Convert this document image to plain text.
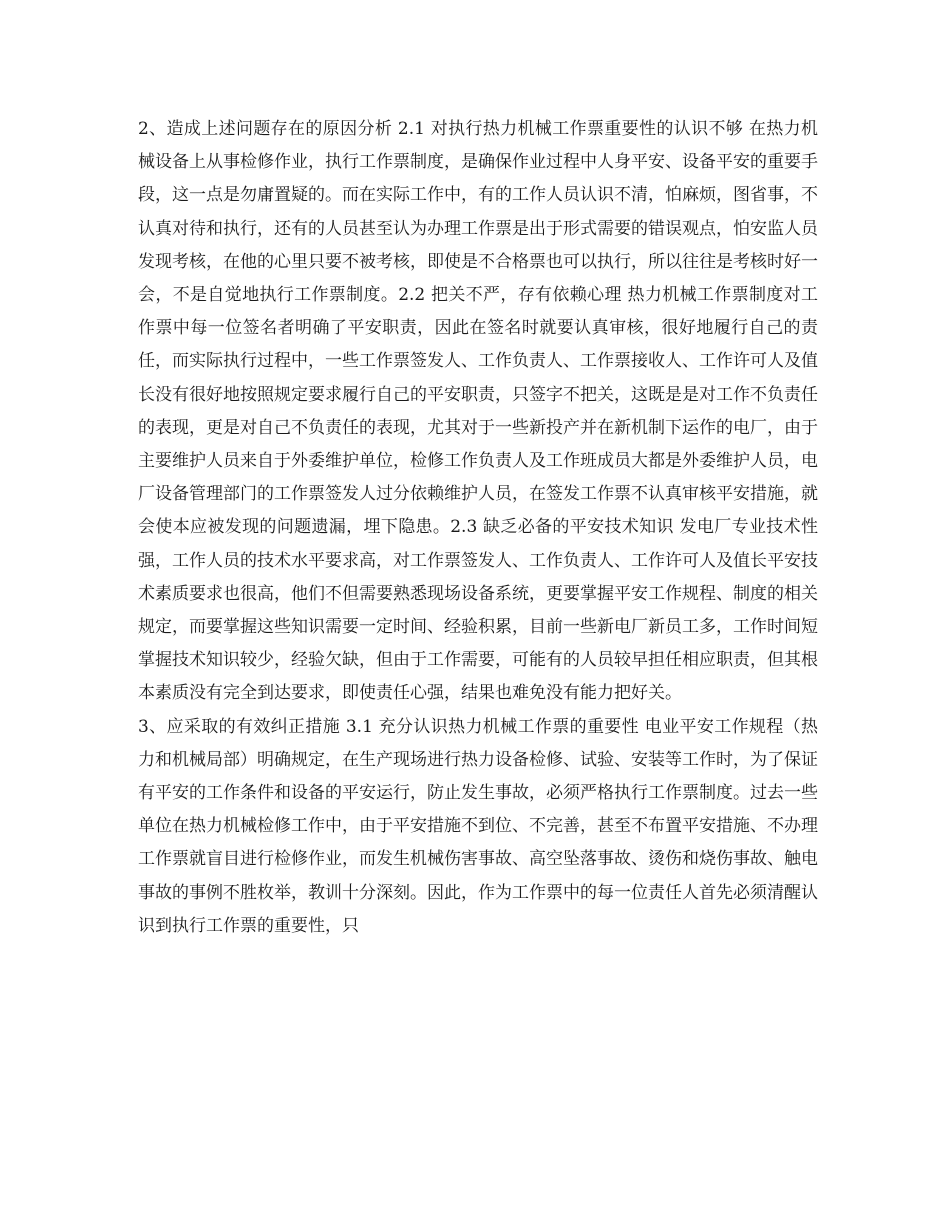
2、造成上述问题存在的原因分析 2.1 对执行热力机械工作票重要性的认识不够 在热力机械设备上从事检修作业，执行工作票制度，是确保作业过程中人身平安、设备平安的重要手段，这一点是勿庸置疑的。而在实际工作中，有的工作人员认识不清，怕麻烦，图省事，不认真对待和执行，还有的人员甚至认为办理工作票是出于形式需要的错误观点，怕安监人员发现考核，在他的心里只要不被考核，即使是不合格票也可以执行，所以往往是考核时好一会，不是自觉地执行工作票制度。2.2 把关不严，存有依赖心理 热力机械工作票制度对工作票中每一位签名者明确了平安职责，因此在签名时就要认真审核，很好地履行自己的责任，而实际执行过程中，一些工作票签发人、工作负责人、工作票接收人、工作许可人及值长没有很好地按照规定要求履行自己的平安职责，只签字不把关，这既是是对工作不负责任的表现，更是对自己不负责任的表现，尤其对于一些新投产并在新机制下运作的电厂，由于主要维护人员来自于外委维护单位，检修工作负责人及工作班成员大都是外委维护人员，电厂设备管理部门的工作票签发人过分依赖维护人员，在签发工作票不认真审核平安措施，就会使本应被发现的问题遗漏，埋下隐患。2.3 缺乏必备的平安技术知识 发电厂专业技术性强，工作人员的技术水平要求高，对工作票签发人、工作负责人、工作许可人及值长平安技术素质要求也很高，他们不但需要熟悉现场设备系统，更要掌握平安工作规程、制度的相关规定，而要掌握这些知识需要一定时间、经验积累，目前一些新电厂新员工多，工作时间短掌握技术知识较少，经验欠缺，但由于工作需要，可能有的人员较早担任相应职责，但其根本素质没有完全到达要求，即使责任心强，结果也难免没有能力把好关。

3、应采取的有效纠正措施 3.1 充分认识热力机械工作票的重要性 电业平安工作规程（热力和机械局部）明确规定，在生产现场进行热力设备检修、试验、安装等工作时，为了保证有平安的工作条件和设备的平安运行，防止发生事故，必须严格执行工作票制度。过去一些单位在热力机械检修工作中，由于平安措施不到位、不完善，甚至不布置平安措施、不办理工作票就盲目进行检修作业，而发生机械伤害事故、高空坠落事故、烫伤和烧伤事故、触电事故的事例不胜枚举，教训十分深刻。因此，作为工作票中的每一位责任人首先必须清醒认识到执行工作票的重要性，只
